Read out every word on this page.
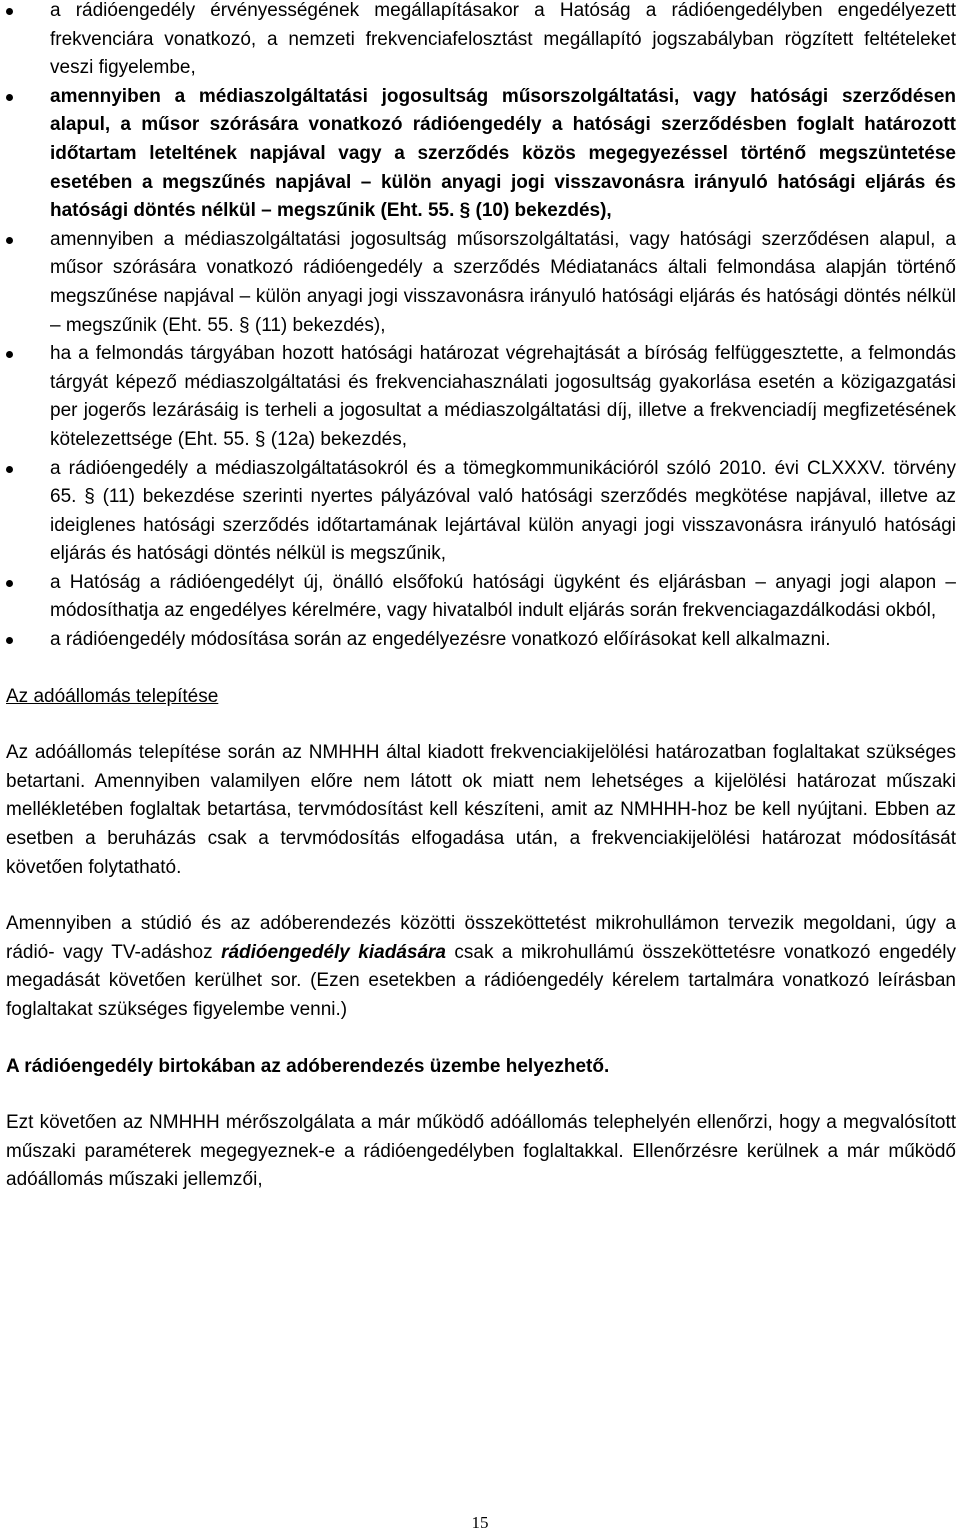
a rádióengedély érvényességének megállapításakor a Hatóság a rádióengedélyben engedélyezett frekvenciára vonatkozó, a nemzeti frekvenciafelosztást megállapító jogszabályban rögzített feltételeket veszi figyelembe,
amennyiben a médiaszolgáltatási jogosultság műsorszolgáltatási, vagy hatósági szerződésen alapul, a műsor szórására vonatkozó rádióengedély a hatósági szerződésben foglalt határozott időtartam leteltének napjával vagy a szerződés közös megegyezéssel történő megszüntetése esetében a megszűnés napjával – külön anyagi jogi visszavonásra irányuló hatósági eljárás és hatósági döntés nélkül – megszűnik (Eht. 55. § (10) bekezdés),
amennyiben a médiaszolgáltatási jogosultság műsorszolgáltatási, vagy hatósági szerződésen alapul, a műsor szórására vonatkozó rádióengedély a szerződés Médiatanács általi felmondása alapján történő megszűnése napjával – külön anyagi jogi visszavonásra irányuló hatósági eljárás és hatósági döntés nélkül – megszűnik (Eht. 55. § (11) bekezdés),
ha a felmondás tárgyában hozott hatósági határozat végrehajtását a bíróság felfüggesztette, a felmondás tárgyát képező médiaszolgáltatási és frekvenciahasználati jogosultság gyakorlása esetén a közigazgatási per jogerős lezárásáig is terheli a jogosultat a médiaszolgáltatási díj, illetve a frekvenciadíj megfizetésének kötelezettsége (Eht. 55. § (12a) bekezdés,
a rádióengedély a médiaszolgáltatásokról és a tömegkommunikációról szóló 2010. évi CLXXXV. törvény 65. § (11) bekezdése szerinti nyertes pályázóval való hatósági szerződés megkötése napjával, illetve az ideiglenes hatósági szerződés időtartamának lejártával külön anyagi jogi visszavonásra irányuló hatósági eljárás és hatósági döntés nélkül is megszűnik,
a Hatóság a rádióengedélyt új, önálló elsőfokú hatósági ügyként és eljárásban – anyagi jogi alapon – módosíthatja az engedélyes kérelmére, vagy hivatalból indult eljárás során frekvenciagazdálkodási okból,
a rádióengedély módosítása során az engedélyezésre vonatkozó előírásokat kell alkalmazni.
Az adóállomás telepítése

Az adóállomás telepítése során az NMHHH által kiadott frekvenciakijelölési határozatban foglaltakat szükséges betartani. Amennyiben valamilyen előre nem látott ok miatt nem lehetséges a kijelölési határozat műszaki mellékletében foglaltak betartása, tervmódosítást kell készíteni, amit az NMHHH-hoz be kell nyújtani. Ebben az esetben a beruházás csak a tervmódosítás elfogadása után, a frekvenciakijelölési határozat módosítását követően folytatható.

Amennyiben a stúdió és az adóberendezés közötti összeköttetést mikrohullámon tervezik megoldani, úgy a rádió- vagy TV-adáshoz rádióengedély kiadására csak a mikrohullámú összeköttetésre vonatkozó engedély megadását követően kerülhet sor. (Ezen esetekben a rádióengedély kérelem tartalmára vonatkozó leírásban foglaltakat szükséges figyelembe venni.)

A rádióengedély birtokában az adóberendezés üzembe helyezhető.

Ezt követően az NMHHH mérőszolgálata a már működő adóállomás telephelyén ellenőrzi, hogy a megvalósított műszaki paraméterek megegyeznek-e a rádióengedélyben foglaltakkal. Ellenőrzésre kerülnek a már működő adóállomás műszaki jellemzői,

15
